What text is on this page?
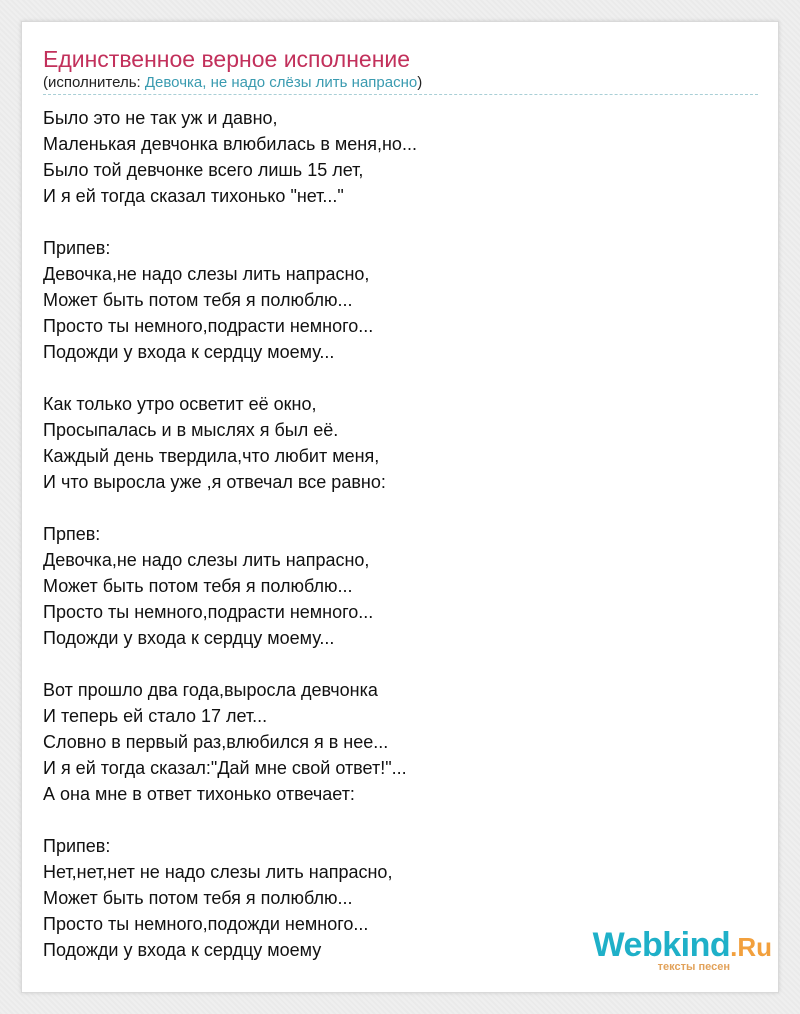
Единственное верное исполнение
(исполнитель: Девочка, не надо слёзы лить напрасно)
Было это не так уж и давно,
Маленькая девчонка влюбилась в меня,но...
Было той девчонке всего лишь 15 лет,
И я ей тогда сказал тихонько "нет..."
Припев:
Девочка,не надо слезы лить напрасно,
Может быть потом тебя я полюблю...
Просто ты немного,подрасти немного...
Подожди у входа к сердцу моему...
Как только утро осветит её окно,
Просыпалась и в мыслях я был её.
Каждый день твердила,что любит меня,
И что выросла уже ,я отвечал все равно:
Прпев:
Девочка,не надо слезы лить напрасно,
Может быть потом тебя я полюблю...
Просто ты немного,подрасти немного...
Подожди у входа к сердцу моему...
Вот прошло два года,выросла девчонка
И теперь ей стало 17 лет...
Словно в первый раз,влюбился я в нее...
И я ей тогда сказал:"Дай мне свой ответ!"...
А она мне в ответ тихонько отвечает:
Припев:
Нет,нет,нет не надо слезы лить напрасно,
Может быть потом тебя я полюблю...
Просто ты немного,подожди немного...
Подожди у входа к сердцу моему	Webkind.Ru
тексты песен
